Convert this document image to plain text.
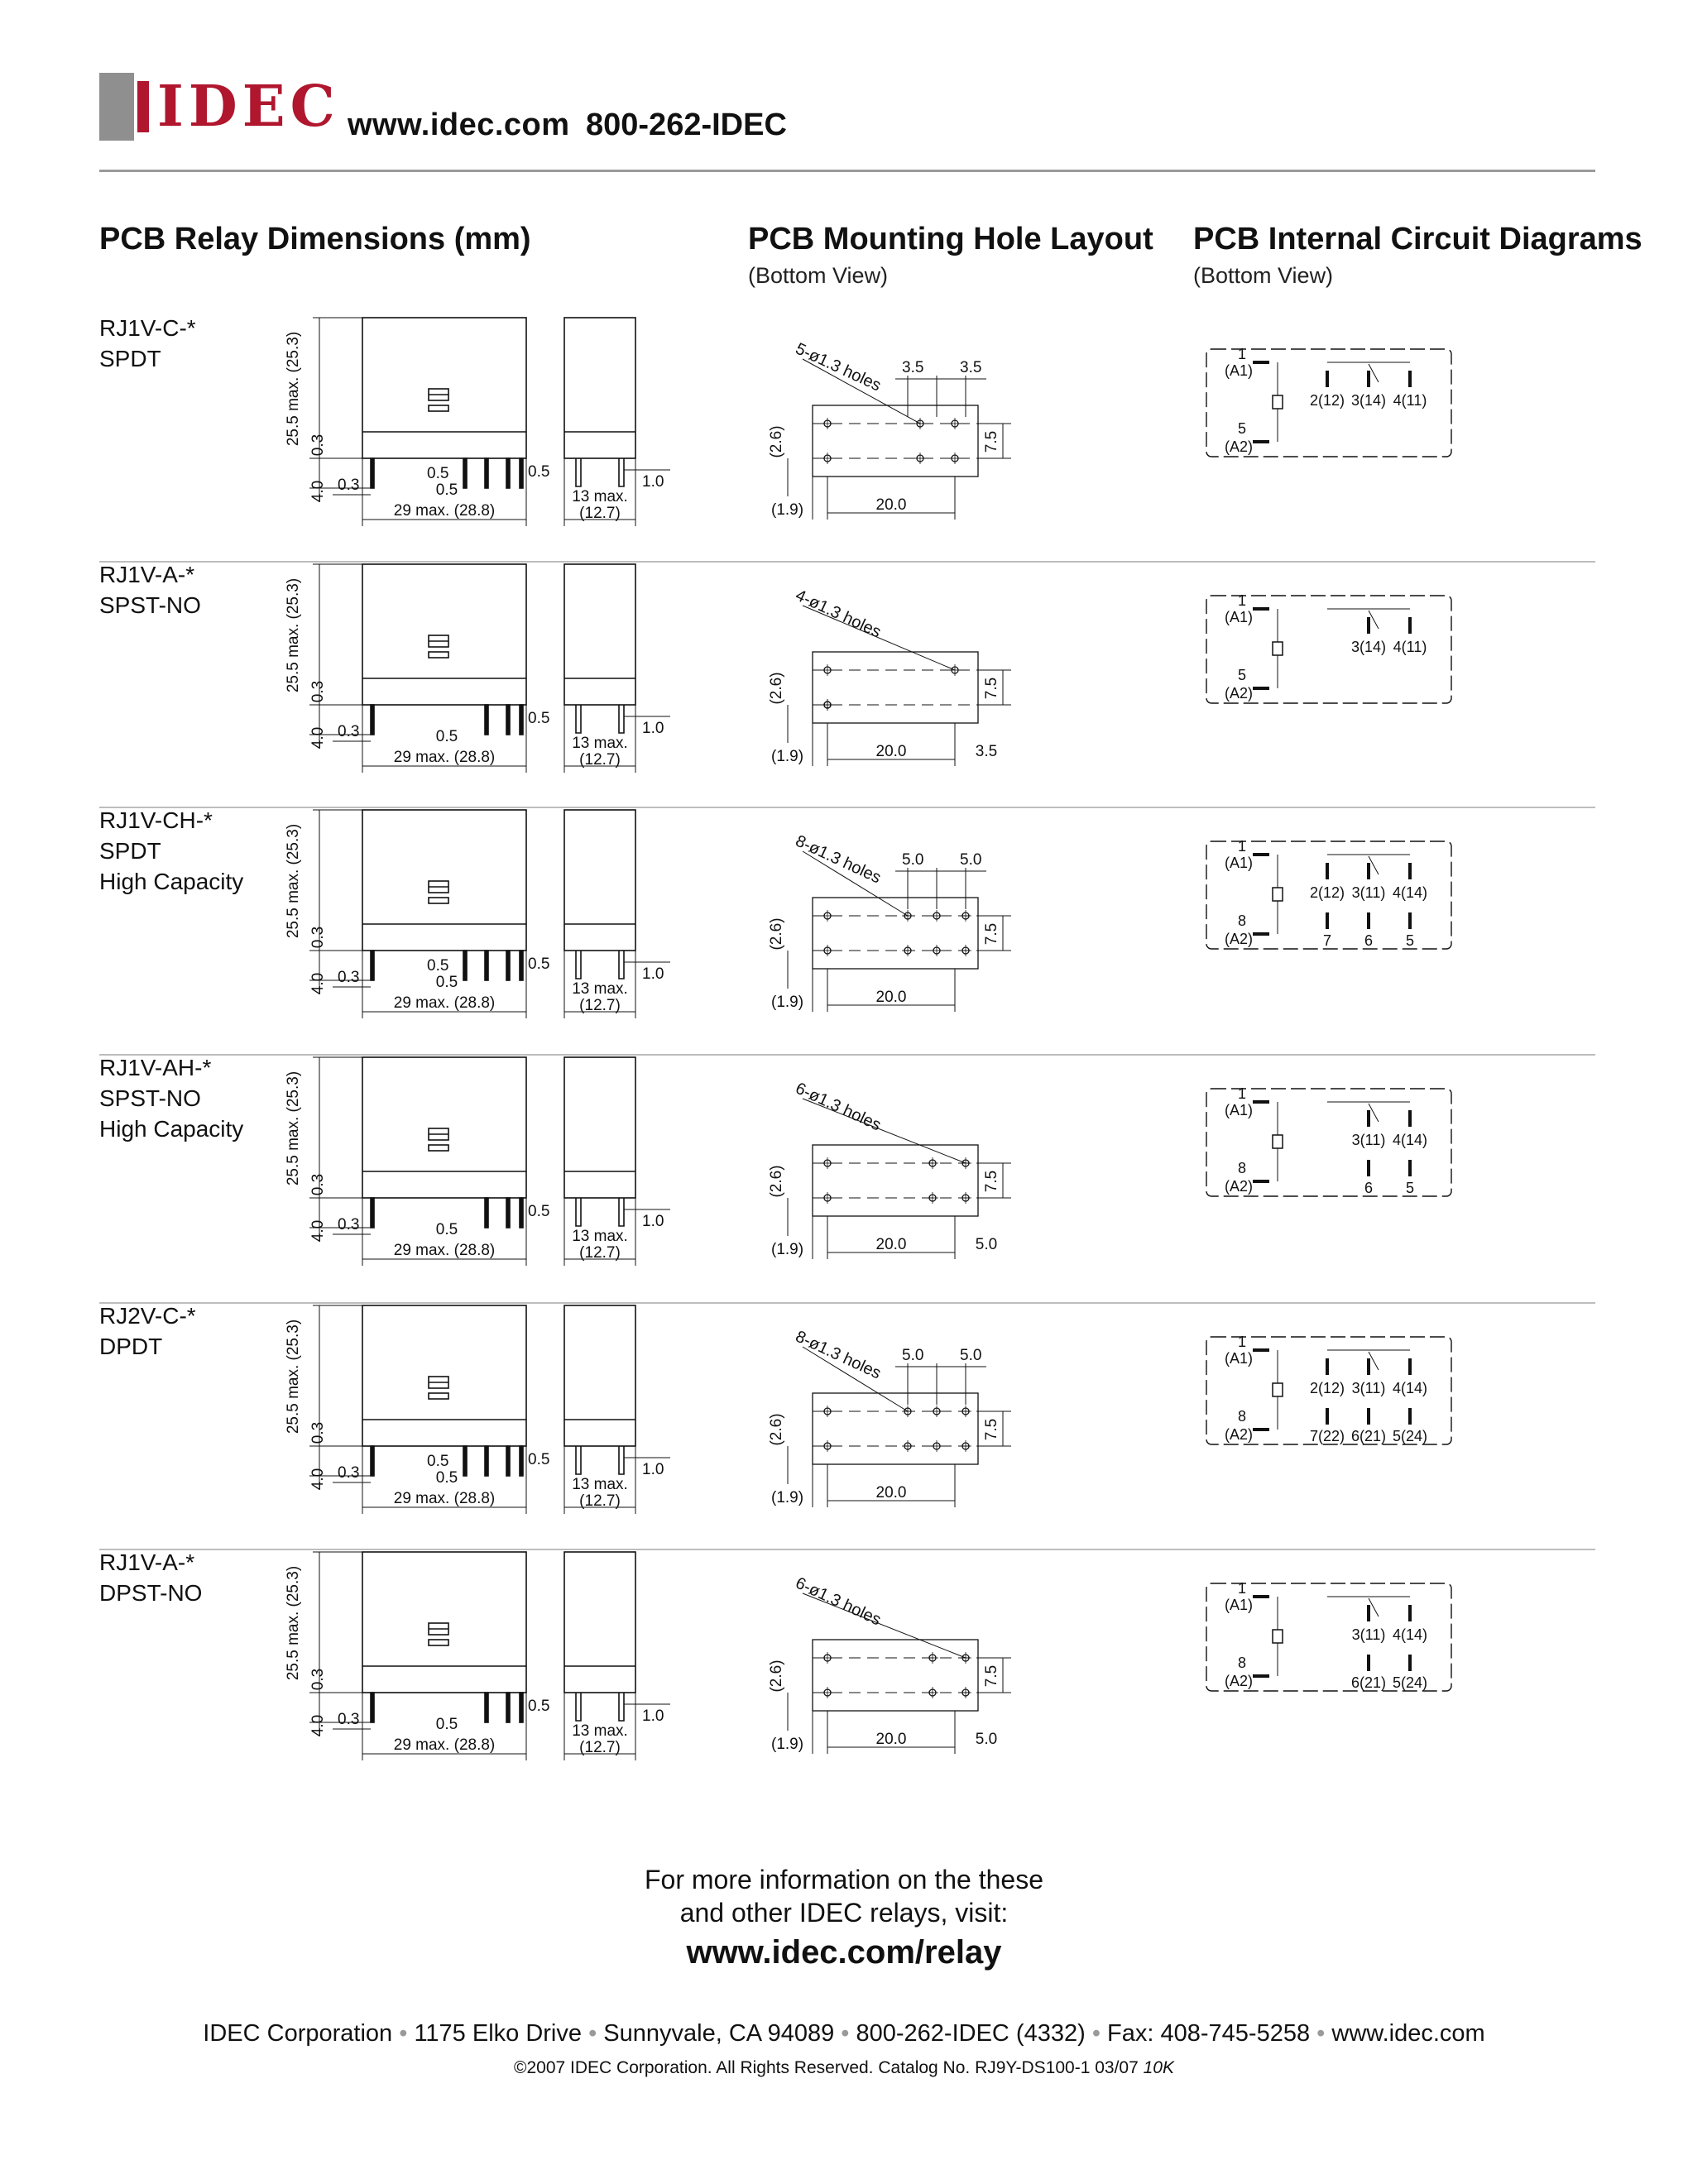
IDEC www.idec.com 800-262-IDEC
PCB Relay Dimensions (mm)	PCB Mounting Hole Layout
(Bottom View)
PCB Internal Circuit Diagrams
(Bottom View)
RJ1V-C-*
SPDT	25.5 max. (25.3) 0.3
4.0 0.3
0.5
0.5
0.5
29 max. (28.8)
13 max.
(12.7)
1.0
5-ø1.3 holes
(2.6)	7.5
(1.9)	20.0
3.5 3.5
1
(A1)
5
(A2)
2(12) 3(14) 4(11)
RJ1V-A-*
SPST-NO	25.5 max. (25.3) 0.3
4.0 0.3	0.5
0.5
29 max. (28.8)
13 max.
(12.7)
1.0
4-ø1.3 holes
(2.6)	7.5
(1.9)	20.0	3.5
1
(A1)
5
(A2)
3(14) 4(11)
RJ1V-CH-*
SPDT
High Capacity	25.5 max. (25.3) 0.3
4.0 0.3
0.5
0.5
0.5
29 max. (28.8)
13 max.
(12.7)
1.0
8-ø1.3 holes
(2.6)	7.5
(1.9)	20.0
5.0 5.0
1
(A1)
8
(A2)
2(12) 3(11) 4(14)
7 6 5
RJ1V-AH-*
SPST-NO
High Capacity	25.5 max. (25.3) 0.3
4.0 0.3	0.5
0.5
29 max. (28.8)
13 max.
(12.7)
1.0
6-ø1.3 holes
(2.6)	7.5
(1.9)	20.0	5.0
1
(A1)
8
(A2)
3(11) 4(14)
6 5
RJ2V-C-*
DPDT	25.5 max. (25.3) 0.3
4.0 0.3
0.5
0.5
0.5
29 max. (28.8)
13 max.
(12.7)
1.0
8-ø1.3 holes
(2.6)	7.5
(1.9)	20.0
5.0 5.0
1
(A1)
8
(A2)
2(12) 3(11) 4(14)
7(22) 6(21) 5(24)
RJ1V-A-*
DPST-NO	25.5 max. (25.3) 0.3
4.0 0.3	0.5
0.5
29 max. (28.8)
13 max.
(12.7)
1.0
6-ø1.3 holes
(2.6)	7.5
(1.9)	20.0	5.0
1
(A1)
8
(A2)
3(11) 4(14)
6(21) 5(24)
For more information on the these
and other IDEC relays, visit:
www.idec.com/relay
IDEC Corporation • 1175 Elko Drive • Sunnyvale, CA 94089 • 800-262-IDEC (4332) • Fax: 408-745-5258 • www.idec.com
©2007 IDEC Corporation. All Rights Reserved. Catalog No. RJ9Y-DS100-1 03/07 10K
